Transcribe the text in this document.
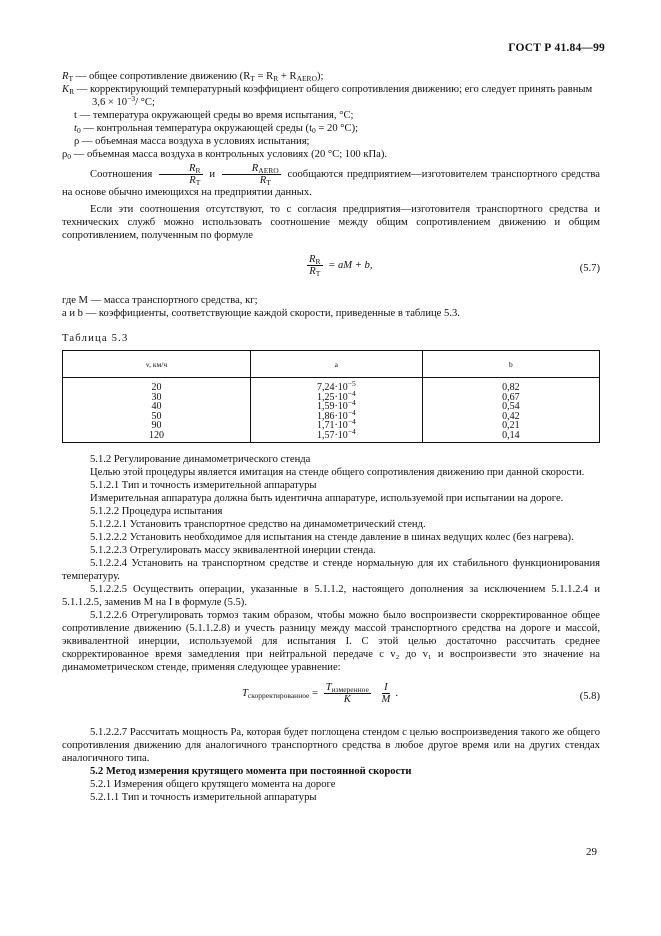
ГОСТ Р 41.84—99

$R_T$ — общее сопротивление движению $(R_T = R_R + R_{AERO})$;

$K_R$ — корректирующий температурный коэффициент общего сопротивления движению; его следует принять равным $3,6 \times 10^{-3}/$ °С;

t — температура окружающей среды во время испытания, °С;

$t_0$ — контрольная температура окружающей среды ($t_0 = 20$ °С);

ρ — объемная масса воздуха в условиях испытания;

$\rho_0$ — объемная масса воздуха в контрольных условиях (20 °С; 100 кПа).

Соотношения $\frac{R_R}{R_T}$ и $\frac{R_{AERO}}{R_T}$ сообщаются предприятием—изготовителем транспортного средства на основе обычно имеющихся на предприятии данных.

Если эти соотношения отсутствуют, то с согласия предприятия—изготовителя транспортного средства и технических служб можно использовать соотношение между общим сопротивлением движению и общим сопротивлением, полученным по формуле

$\frac{R_R}{R_T}$ = aM + b,	(5.7)

где M — масса транспортного средства, кг;

a и b — коэффициенты, соответствующие каждой скорости, приведенные в таблице 5.3.

Таблица 5.3

v, км/ч	a	b
20	$7,24\cdot 10^{-5}$	0,82
30	$1,25\cdot 10^{-4}$	0,67
40	$1,59\cdot 10^{-4}$	0,54
50	$1,86\cdot 10^{-4}$	0,42
90	$1,71\cdot 10^{-4}$	0,21
120	$1,57\cdot 10^{-4}$	0,14

5.1.2 Регулирование динамометрического стенда

Целью этой процедуры является имитация на стенде общего сопротивления движению при данной скорости.

5.1.2.1 Тип и точность измерительной аппаратуры

Измерительная аппаратура должна быть идентична аппаратуре, используемой при испытании на дороге.

5.1.2.2 Процедура испытания

5.1.2.2.1 Установить транспортное средство на динамометрический стенд.

5.1.2.2.2 Установить необходимое для испытания на стенде давление в шинах ведущих колес (без нагрева).

5.1.2.2.3 Отрегулировать массу эквивалентной инерции стенда.

5.1.2.2.4 Установить на транспортном средстве и стенде нормальную для их стабильного функционирования температуру.

5.1.2.2.5 Осуществить операции, указанные в 5.1.1.2, настоящего дополнения за исключением 5.1.1.2.4 и 5.1.1.2.5, заменив M на I в формуле (5.5).

5.1.2.2.6 Отрегулировать тормоз таким образом, чтобы можно было воспроизвести скорректированное общее сопротивление движению (5.1.1.2.8) и учесть разницу между массой транспортного средства на дороге и массой, эквивалентной инерции, используемой для испытания I. С этой целью достаточно рассчитать среднее скорректированное время замедления при нейтральной передаче с v₂ до v₁ и воспроизвести это значение на динамометрическом стенде, применяя следующее уравнение:

$T_{скорректированное} = \frac{T_{измеренное}}{K}$
$\frac{I}{M}$ .	(5.8)

5.1.2.2.7 Рассчитать мощность Pa, которая будет поглощена стендом с целью воспроизведения такого же общего сопротивления движению для аналогичного транспортного средства в любое другое время или на других стендах аналогичного типа.

5.2 Метод измерения крутящего момента при постоянной скорости

5.2.1 Измерения общего крутящего момента на дороге

5.2.1.1 Тип и точность измерительной аппаратуры

29
